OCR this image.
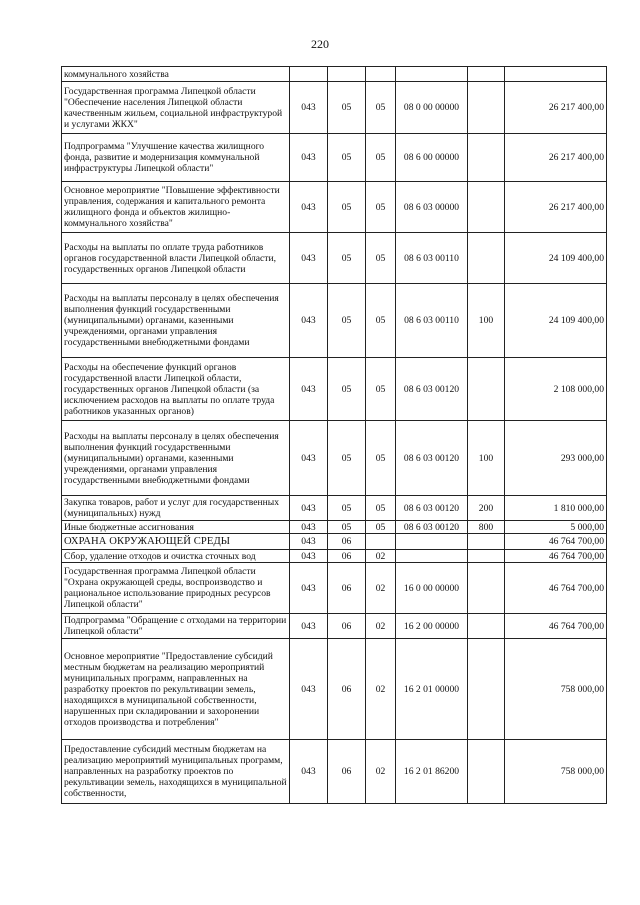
220
коммунального хозяйства						
Государственная программа Липецкой области "Обеспечение населения Липецкой области качественным жильем, социальной инфраструктурой и услугами ЖКХ"	043	05	05	08 0 00 00000		26 217 400,00
Подпрограмма "Улучшение качества жилищного фонда, развитие и модернизация коммунальной инфраструктуры Липецкой области"	043	05	05	08 6 00 00000		26 217 400,00
Основное мероприятие "Повышение эффективности управления, содержания и капитального ремонта жилищного фонда и объектов жилищно-коммунального хозяйства"	043	05	05	08 6 03 00000		26 217 400,00
Расходы на выплаты по оплате труда работников органов государственной власти Липецкой области, государственных органов Липецкой области	043	05	05	08 6 03 00110		24 109 400,00
Расходы на выплаты персоналу в целях обеспечения выполнения функций государственными (муниципальными) органами, казенными учреждениями, органами управления государственными внебюджетными фондами	043	05	05	08 6 03 00110	100	24 109 400,00
Расходы на обеспечение функций органов государственной власти Липецкой области, государственных органов Липецкой области (за исключением расходов на выплаты по оплате труда работников указанных органов)	043	05	05	08 6 03 00120		2 108 000,00
Расходы на выплаты персоналу в целях обеспечения выполнения функций государственными (муниципальными) органами, казенными учреждениями, органами управления государственными внебюджетными фондами	043	05	05	08 6 03 00120	100	293 000,00
Закупка товаров, работ и услуг для государственных (муниципальных) нужд	043	05	05	08 6 03 00120	200	1 810 000,00
Иные бюджетные ассигнования	043	05	05	08 6 03 00120	800	5 000,00
ОХРАНА ОКРУЖАЮЩЕЙ СРЕДЫ	043	06				46 764 700,00
Сбор, удаление отходов и очистка сточных вод	043	06	02			46 764 700,00
Государственная программа Липецкой области "Охрана окружающей среды, воспроизводство и рациональное использование природных ресурсов Липецкой области"	043	06	02	16 0 00 00000		46 764 700,00
Подпрограмма "Обращение с отходами на территории Липецкой области"	043	06	02	16 2 00 00000		46 764 700,00
Основное мероприятие "Предоставление субсидий местным бюджетам на реализацию мероприятий муниципальных программ, направленных на разработку проектов по рекультивации земель, находящихся в муниципальной собственности, нарушенных при складировании и захоронении отходов производства и потребления"	043	06	02	16 2 01 00000		758 000,00
Предоставление субсидий местным бюджетам на реализацию мероприятий муниципальных программ, направленных на разработку проектов по рекультивации земель, находящихся в муниципальной собственности,	043	06	02	16 2 01 86200		758 000,00
